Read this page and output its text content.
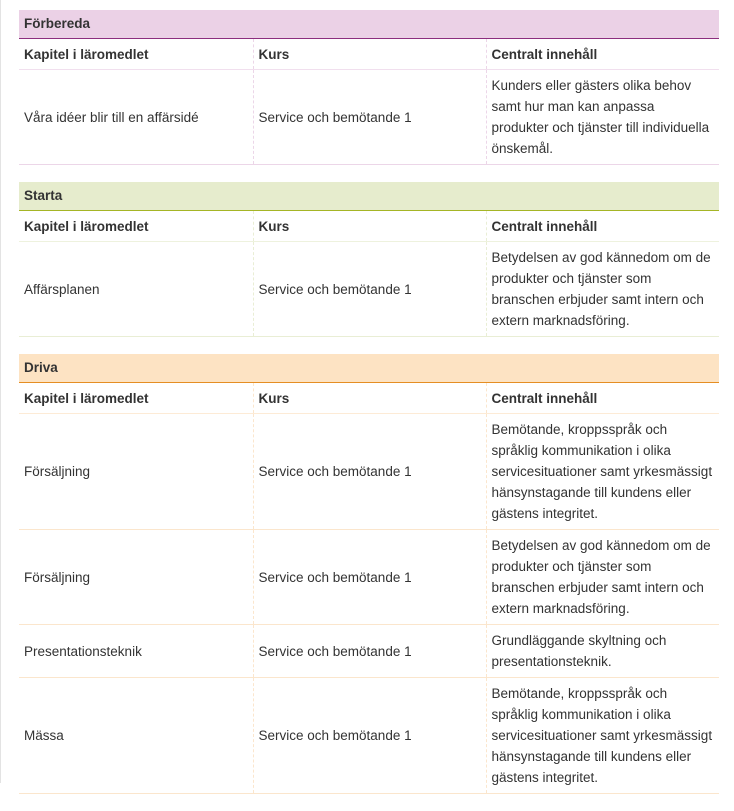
Förbereda
Kapitel i läromedlet	Kurs	Centralt innehåll
Våra idéer blir till en affärsidé	Service och bemötande 1	Kunders eller gästers olika behov samt hur man kan anpassa produkter och tjänster till individuella önskemål.
Starta
Kapitel i läromedlet	Kurs	Centralt innehåll
Affärsplanen	Service och bemötande 1	Betydelsen av god kännedom om de produkter och tjänster som branschen erbjuder samt intern och extern marknadsföring.
Driva
Kapitel i läromedlet	Kurs	Centralt innehåll
Försäljning	Service och bemötande 1	Bemötande, kroppsspråk och språklig kommunikation i olika servicesituationer samt yrkesmässigt hänsynstagande till kundens eller gästens integritet.
Försäljning	Service och bemötande 1	Betydelsen av god kännedom om de produkter och tjänster som branschen erbjuder samt intern och extern marknadsföring.
Presentationsteknik	Service och bemötande 1	Grundläggande skyltning och presentationsteknik.
Mässa	Service och bemötande 1	Bemötande, kroppsspråk och språklig kommunikation i olika servicesituationer samt yrkesmässigt hänsynstagande till kundens eller gästens integritet.
